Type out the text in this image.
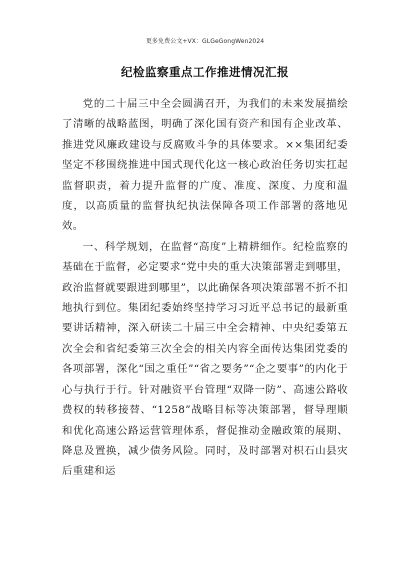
更多免费公文+VX：GLGeGongWen2024
纪检监察重点工作推进情况汇报

党的二十届三中全会圆满召开，为我们的未来发展描绘了清晰的战略蓝图，明确了深化国有资产和国有企业改革、推进党风廉政建设与反腐败斗争的具体要求。××集团纪委坚定不移围绕推进中国式现代化这一核心政治任务切实扛起监督职责，着力提升监督的广度、准度、深度、力度和温度，以高质量的监督执纪执法保障各项工作部署的落地见效。

一、科学规划，在监督“高度”上精耕细作。纪检监察的基础在于监督，必定要求“党中央的重大决策部署走到哪里，政治监督就要跟进到哪里”，以此确保各项决策部署不折不扣地执行到位。集团纪委始终坚持学习习近平总书记的最新重要讲话精神，深入研读二十届三中全会精神、中央纪委第五次全会和省纪委第三次全会的相关内容全面传达集团党委的各项部署，深化“国之重任”“省之要务”“企之要事”的内化于心与执行于行。针对融资平台管理“双降一防”、高速公路收费权的转移接替、“1258”战略目标等决策部署，督导理顺和优化高速公路运营管理体系，督促推动金融政策的展期、降息及置换，减少债务风险。同时，及时部署对枳石山县灾后重建和运
